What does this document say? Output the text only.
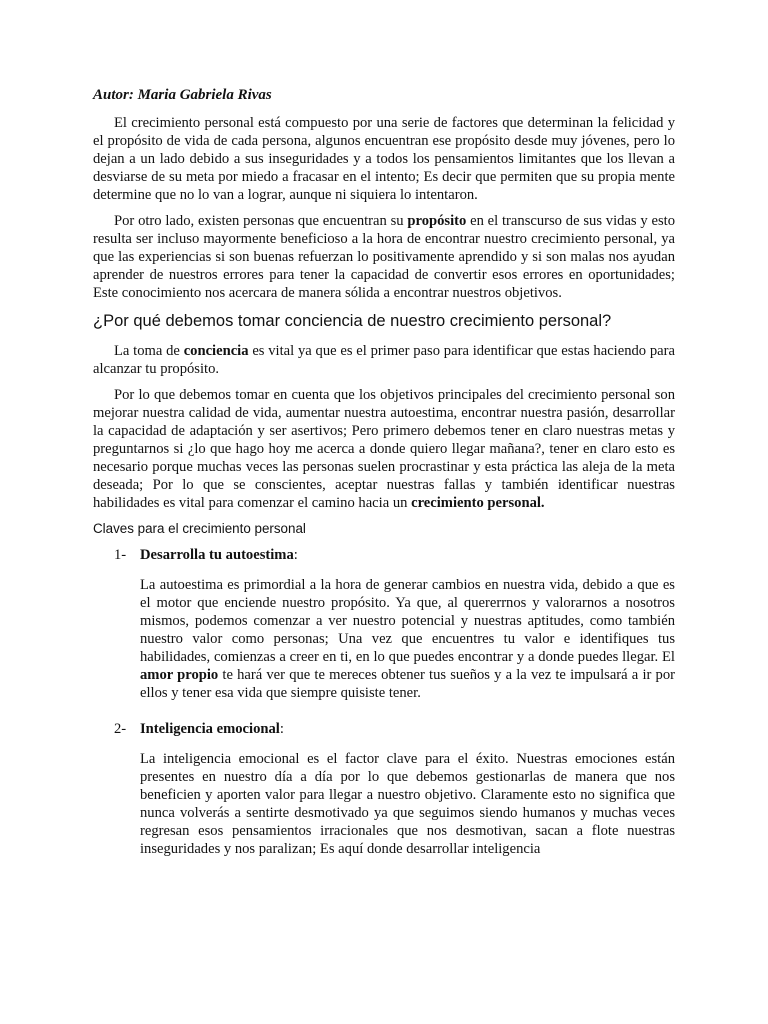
Autor: Maria Gabriela Rivas

El crecimiento personal está compuesto por una serie de factores que determinan la felicidad y el propósito de vida de cada persona, algunos encuentran ese propósito desde muy jóvenes, pero lo dejan a un lado debido a sus inseguridades y a todos los pensamientos limitantes que los llevan a desviarse de su meta por miedo a fracasar en el intento; Es decir que permiten que su propia mente determine que no lo van a lograr, aunque ni siquiera lo intentaron.

Por otro lado, existen personas que encuentran su propósito en el transcurso de sus vidas y esto resulta ser incluso mayormente beneficioso a la hora de encontrar nuestro crecimiento personal, ya que las experiencias si son buenas refuerzan lo positivamente aprendido y si son malas nos ayudan aprender de nuestros errores para tener la capacidad de convertir esos errores en oportunidades; Este conocimiento nos acercara de manera sólida a encontrar nuestros objetivos.

¿Por qué debemos tomar conciencia de nuestro crecimiento personal?

La toma de conciencia es vital ya que es el primer paso para identificar que estas haciendo para alcanzar tu propósito.

Por lo que debemos tomar en cuenta que los objetivos principales del crecimiento personal son mejorar nuestra calidad de vida, aumentar nuestra autoestima, encontrar nuestra pasión, desarrollar la capacidad de adaptación y ser asertivos; Pero primero debemos tener en claro nuestras metas y preguntarnos si ¿lo que hago hoy me acerca a donde quiero llegar mañana?, tener en claro esto es necesario porque muchas veces las personas suelen procrastinar y esta práctica las aleja de la meta deseada; Por lo que se conscientes, aceptar nuestras fallas y también identificar nuestras habilidades es vital para comenzar el camino hacia un crecimiento personal.

Claves para el crecimiento personal
1- Desarrolla tu autoestima:
La autoestima es primordial a la hora de generar cambios en nuestra vida, debido a que es el motor que enciende nuestro propósito. Ya que, al quererrnos y valorarnos a nosotros mismos, podemos comenzar a ver nuestro potencial y nuestras aptitudes, como también nuestro valor como personas; Una vez que encuentres tu valor e identifiques tus habilidades, comienzas a creer en ti, en lo que puedes encontrar y a donde puedes llegar. El amor propio te hará ver que te mereces obtener tus sueños y a la vez te impulsará a ir por ellos y tener esa vida que siempre quisiste tener.
2- Inteligencia emocional:
La inteligencia emocional es el factor clave para el éxito. Nuestras emociones están presentes en nuestro día a día por lo que debemos gestionarlas de manera que nos beneficien y aporten valor para llegar a nuestro objetivo. Claramente esto no significa que nunca volverás a sentirte desmotivado ya que seguimos siendo humanos y muchas veces regresan esos pensamientos irracionales que nos desmotivan, sacan a flote nuestras inseguridades y nos paralizan; Es aquí donde desarrollar inteligencia
